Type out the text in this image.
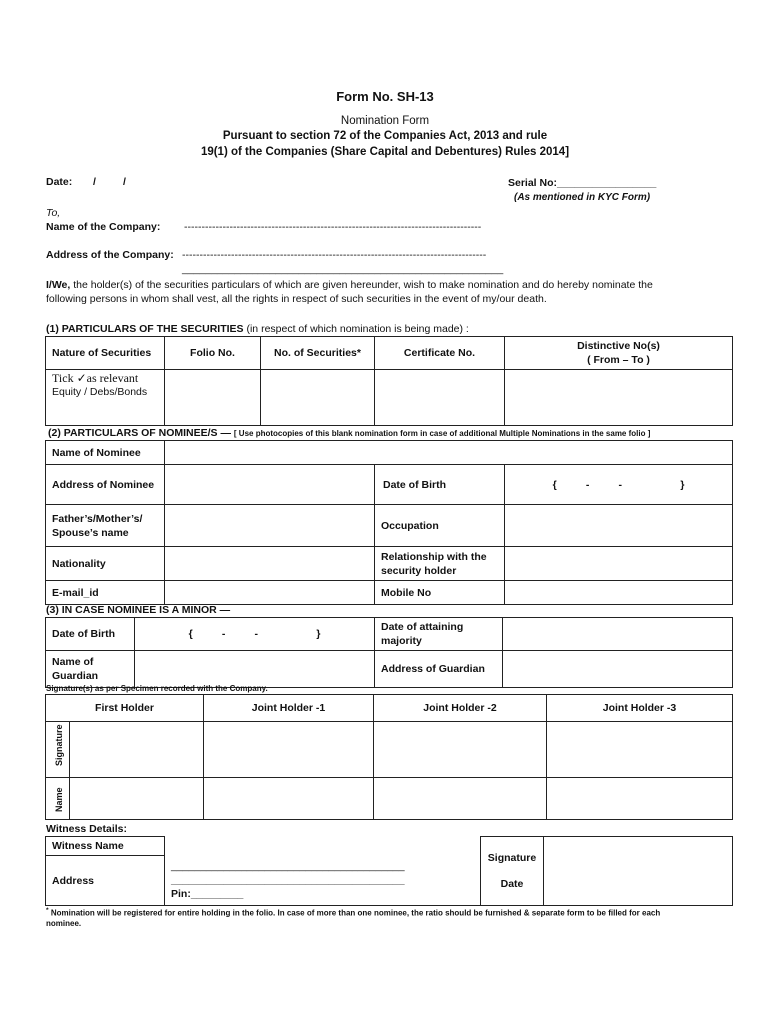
Form No. SH-13
Nomination Form
Pursuant to section 72 of the Companies Act, 2013 and rule
19(1) of the Companies (Share Capital and Debentures) Rules 2014]
Date: /	/	Serial No:_________________
(As mentioned in KYC Form)
To,
Name of the Company: -------------------------------------------------------------------------------------
Address of the Company: ---------------------------------------------------------------------------------------
_______________________________________________________
I/We, the holder(s) of the securities particulars of which are given hereunder, wish to make nomination and do hereby nominate the
following persons in whom shall vest, all the rights in respect of such securities in the event of my/our death.
(1) PARTICULARS OF THE SECURITIES (in respect of which nomination is being made) :
Nature of Securities	Folio No.	No. of Securities*	Certificate No.	Distinctive No(s)
( From – To )

Tick ✓as relevant
Equity / Debs/Bonds				

(2) PARTICULARS OF NOMINEE/S — [ Use photocopies of this blank nomination form in case of additional Multiple Nominations in the same folio ]
Name of Nominee			
Address of Nominee		Date of Birth	{          -          -                    }

Father’s/Mother’s/
Spouse’s name		Occupation	
Nationality		Relationship with the
security holder	

E-mail_id		Mobile No	
(3) IN CASE NOMINEE IS A MINOR —
Date of Birth	{          -          -                    }	Date of attaining
majority	

Name of
Guardian		Address of Guardian	
Signature(s) as per Specimen recorded with the Company.
First Holder		Joint Holder -1	Joint Holder -2	Joint Holder -3

Signature				

Name				

Witness Details:
Witness Name		Signature
Date	

Address	________________________________________
________________________________________ Pin:_________		
* Nomination will be registered for entire holding in the folio. In case of more than one nominee, the ratio should be furnished & separate form to be filled for each
nominee.
